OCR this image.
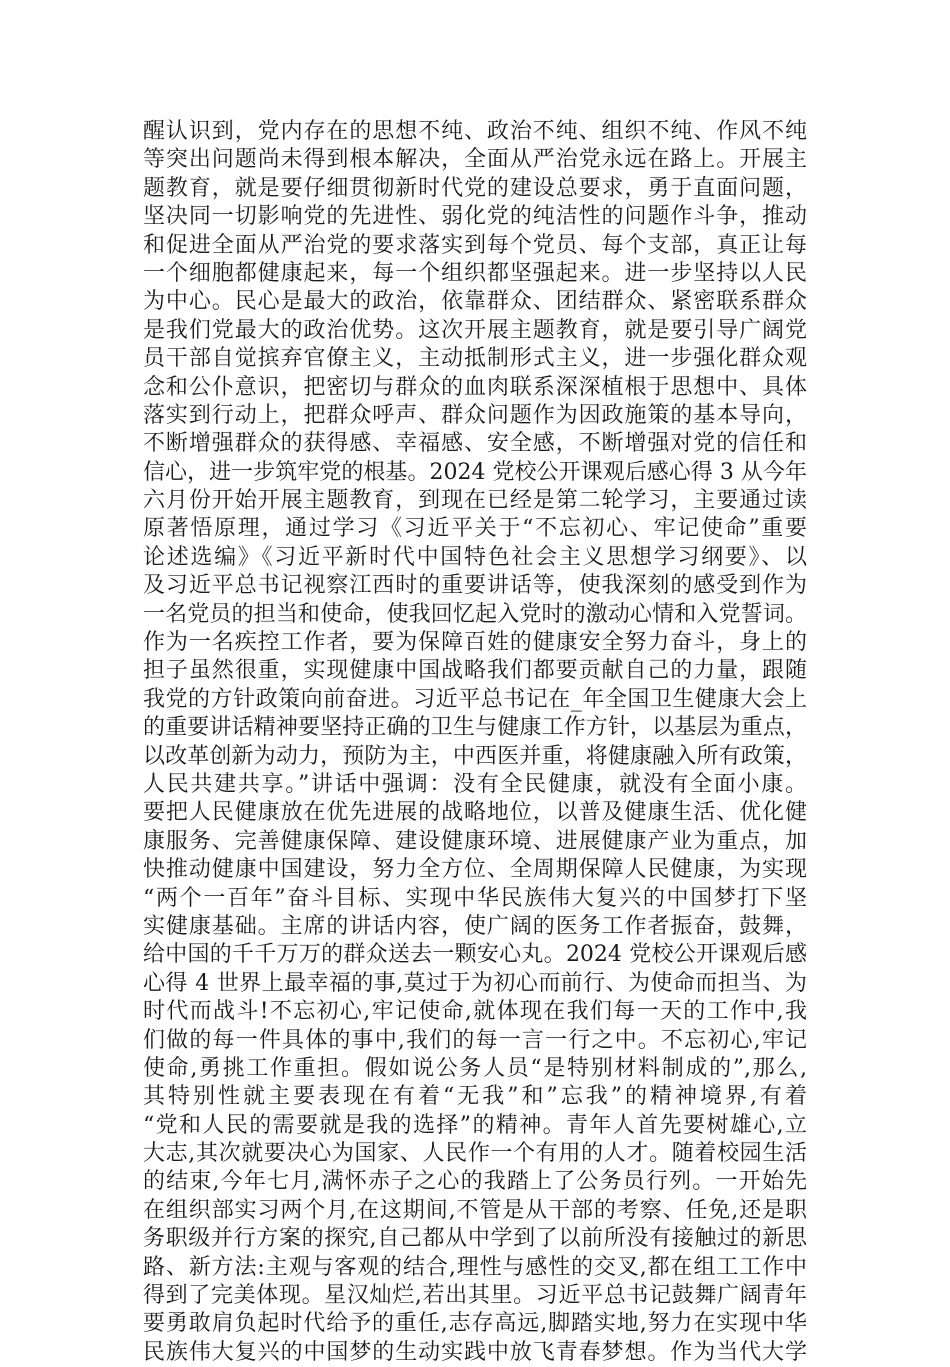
醒认识到，党内存在的思想不纯、政治不纯、组织不纯、作风不纯
等突出问题尚未得到根本解决，全面从严治党永远在路上。开展主
题教育，就是要仔细贯彻新时代党的建设总要求，勇于直面问题，
坚决同一切影响党的先进性、弱化党的纯洁性的问题作斗争，推动
和促进全面从严治党的要求落实到每个党员、每个支部，真正让每
一个细胞都健康起来，每一个组织都坚强起来。进一步坚持以人民
为中心。民心是最大的政治，依靠群众、团结群众、紧密联系群众
是我们党最大的政治优势。这次开展主题教育，就是要引导广阔党
员干部自觉摈弃官僚主义，主动抵制形式主义，进一步强化群众观
念和公仆意识，把密切与群众的血肉联系深深植根于思想中、具体
落实到行动上，把群众呼声、群众问题作为因政施策的基本导向，
不断增强群众的获得感、幸福感、安全感，不断增强对党的信任和
信心，进一步筑牢党的根基。2024 党校公开课观后感心得 3 从今年
六月份开始开展主题教育，到现在已经是第二轮学习，主要通过读
原著悟原理，通过学习《习近平关于“不忘初心、牢记使命”重要
论述选编》《习近平新时代中国特色社会主义思想学习纲要》、以
及习近平总书记视察江西时的重要讲话等，使我深刻的感受到作为
一名党员的担当和使命，使我回忆起入党时的激动心情和入党誓词。
作为一名疾控工作者，要为保障百姓的健康安全努力奋斗，身上的
担子虽然很重，实现健康中国战略我们都要贡献自己的力量，跟随
我党的方针政策向前奋进。习近平总书记在_年全国卫生健康大会上
的重要讲话精神要坚持正确的卫生与健康工作方针，以基层为重点，
以改革创新为动力，预防为主，中西医并重，将健康融入所有政策，
人民共建共享。”讲话中强调：没有全民健康，就没有全面小康。
要把人民健康放在优先进展的战略地位，以普及健康生活、优化健
康服务、完善健康保障、建设健康环境、进展健康产业为重点，加
快推动健康中国建设，努力全方位、全周期保障人民健康，为实现
“两个一百年”奋斗目标、实现中华民族伟大复兴的中国梦打下坚
实健康基础。主席的讲话内容，使广阔的医务工作者振奋，鼓舞，
给中国的千千万万的群众送去一颗安心丸。2024 党校公开课观后感
心得 4 世界上最幸福的事,莫过于为初心而前行、为使命而担当、为
时代而战斗!不忘初心,牢记使命,就体现在我们每一天的工作中,我
们做的每一件具体的事中,我们的每一言一行之中。不忘初心,牢记
使命,勇挑工作重担。假如说公务人员“是特别材料制成的”,那么,
其特别性就主要表现在有着“无我”和”忘我”的精神境界,有着
“党和人民的需要就是我的选择”的精神。青年人首先要树雄心,立
大志,其次就要决心为国家、人民作一个有用的人才。随着校园生活
的结束,今年七月,满怀赤子之心的我踏上了公务员行列。一开始先
在组织部实习两个月,在这期间,不管是从干部的考察、任免,还是职
务职级并行方案的探究,自己都从中学到了以前所没有接触过的新思
路、新方法:主观与客观的结合,理性与感性的交叉,都在组工工作中
得到了完美体现。星汉灿烂,若出其里。习近平总书记鼓舞广阔青年
要勇敢肩负起时代给予的重任,志存高远,脚踏实地,努力在实现中华
民族伟大复兴的中国梦的生动实践中放飞青春梦想。作为当代大学
